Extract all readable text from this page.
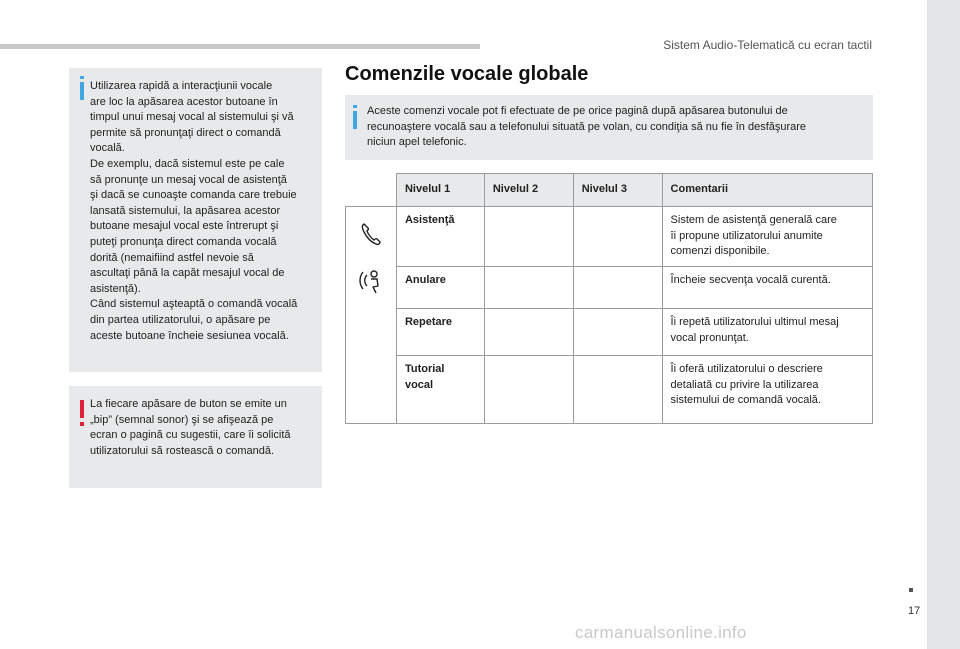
Sistem Audio-Telematică cu ecran tactil
Utilizarea rapidă a interacţiunii vocale
are loc la apăsarea acestor butoane în
timpul unui mesaj vocal al sistemului şi vă
permite să pronunţaţi direct o comandă
vocală.
De exemplu, dacă sistemul este pe cale
să pronunţe un mesaj vocal de asistenţă
şi dacă se cunoaşte comanda care trebuie
lansată sistemului, la apăsarea acestor
butoane mesajul vocal este întrerupt şi
puteţi pronunţa direct comanda vocală
dorită (nemaifiind astfel nevoie să
ascultaţi până la capăt mesajul vocal de
asistenţă).
Când sistemul aşteaptă o comandă vocală
din partea utilizatorului, o apăsare pe
aceste butoane încheie sesiunea vocală.
La fiecare apăsare de buton se emite un
„bip” (semnal sonor) şi se afişează pe
ecran o pagină cu sugestii, care îi solicită
utilizatorului să rostească o comandă.
Comenzile vocale globale
Aceste comenzi vocale pot fi efectuate de pe orice pagină după apăsarea butonului de
recunoaştere vocală sau a telefonului situată pe volan, cu condiţia să nu fie în desfăşurare
niciun apel telefonic.
	Nivelul 1	Nivelul 2	Nivelul 3	Comentarii

	Asistenţă			Sistem de asistenţă generală care
îi propune utilizatorului anumite
comenzi disponibile.
	Anulare			Încheie secvenţa vocală curentă.
	Repetare			Îi repetă utilizatorului ultimul mesaj
vocal pronunţat.
	Tutorial
vocal			Îi oferă utilizatorului o descriere
detaliată cu privire la utilizarea
sistemului de comandă vocală.
17
carmanualsonline.info
